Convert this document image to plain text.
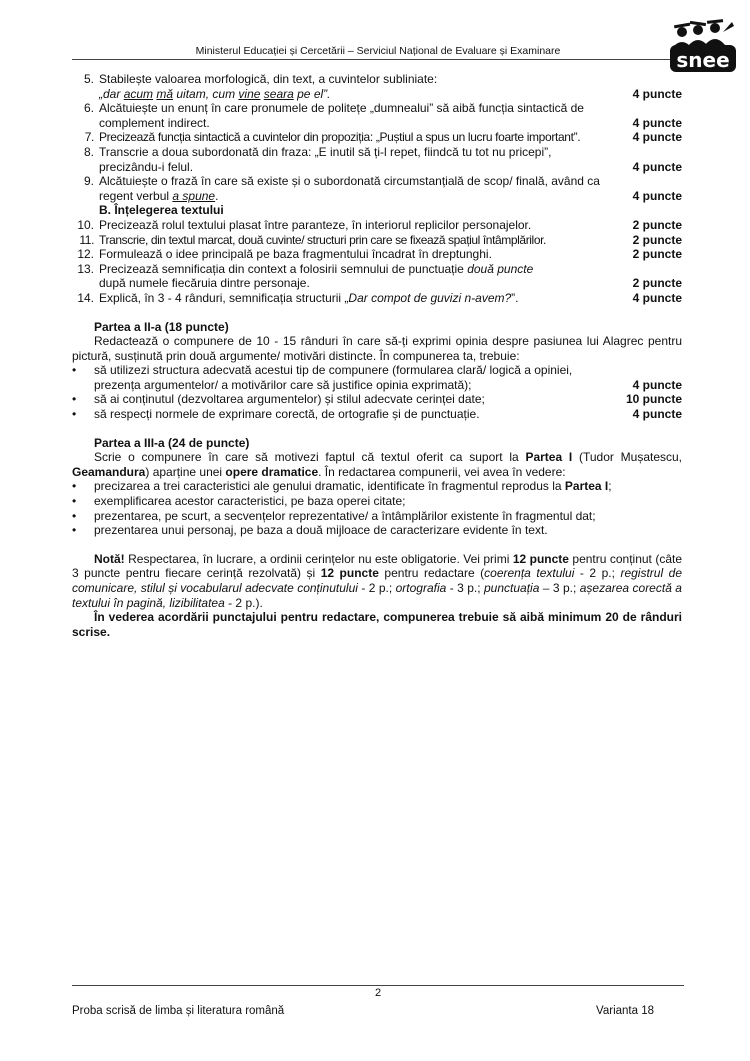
Ministerul Educației și Cercetării – Serviciul Național de Evaluare și Examinare	snee
5. Stabilește valoarea morfologică, din text, a cuvintelor subliniate:
„dar acum mă uitam, cum vine seara pe el”.	4 puncte
6. Alcătuiește un enunț în care pronumele de politețe „dumnealui” să aibă funcția sintactică de complement indirect.	4 puncte
7. Precizează funcția sintactică a cuvintelor din propoziția: „Puștiul a spus un lucru foarte important”.	4 puncte
8. Transcrie a doua subordonată din fraza: „E inutil să ți-l repet, fiindcă tu tot nu pricepi”, precizându-i felul.	4 puncte
9. Alcătuiește o frază în care să existe și o subordonată circumstanțială de scop/ finală, având ca regent verbul a spune.	4 puncte
B. Înțelegerea textului
10. Precizează rolul textului plasat între paranteze, în interiorul replicilor personajelor.	2 puncte
11. Transcrie, din textul marcat, două cuvinte/ structuri prin care se fixează spațiul întâmplărilor.	2 puncte
12. Formulează o idee principală pe baza fragmentului încadrat în dreptunghi.	2 puncte
13. Precizează semnificația din context a folosirii semnului de punctuație două puncte
după numele fiecăruia dintre personaje.	2 puncte
14. Explică, în 3 - 4 rânduri, semnificația structurii „Dar compot de guvizi n-avem?”.	4 puncte
Partea a II-a (18 puncte)
Redactează o compunere de 10 - 15 rânduri în care să-ți exprimi opinia despre pasiunea lui Alagrec pentru pictură, susținută prin două argumente/ motivări distincte. În compunerea ta, trebuie:
• să utilizezi structura adecvată acestui tip de compunere (formularea clară/ logică a opiniei, prezența argumentelor/ a motivărilor care să justifice opinia exprimată);	4 puncte
• să ai conținutul (dezvoltarea argumentelor) și stilul adecvate cerinței date;	10 puncte
• să respecți normele de exprimare corectă, de ortografie și de punctuație.	4 puncte
Partea a III-a (24 de puncte)
Scrie o compunere în care să motivezi faptul că textul oferit ca suport la Partea I (Tudor Mușatescu, Geamandura) aparține unei opere dramatice. În redactarea compunerii, vei avea în vedere:
• precizarea a trei caracteristici ale genului dramatic, identificate în fragmentul reprodus la Partea I;
• exemplificarea acestor caracteristici, pe baza operei citate;
• prezentarea, pe scurt, a secvențelor reprezentative/ a întâmplărilor existente în fragmentul dat;
• prezentarea unui personaj, pe baza a două mijloace de caracterizare evidente în text.
Notă! Respectarea, în lucrare, a ordinii cerințelor nu este obligatorie. Vei primi 12 puncte pentru conținut (câte 3 puncte pentru fiecare cerință rezolvată) și 12 puncte pentru redactare (coerența textului - 2 p.; registrul de comunicare, stilul și vocabularul adecvate conținutului - 2 p.; ortografia - 3 p.; punctuația – 3 p.; așezarea corectă a textului în pagină, lizibilitatea - 2 p.).
În vederea acordării punctajului pentru redactare, compunerea trebuie să aibă minimum 20 de rânduri scrise.
2
Proba scrisă de limba și literatura română	Varianta 18
